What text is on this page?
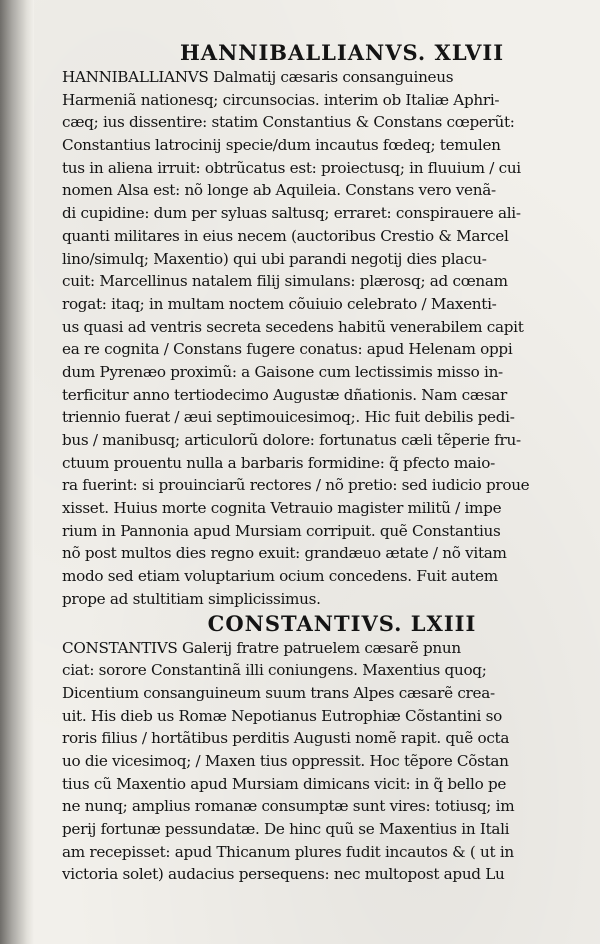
HANNIBALLIANVS. XLVII
HANNIBALLIANVS Dalmatij cæsaris consanguineus
Harmeniã nationesq; circunsocias. interim ob Italiæ Aphri-
cæq; ius dissentire: statim Constantius & Constans cœperũt:
Constantius latrocinij specie/dum incautus fœdeq; temulen
tus in aliena irruit: obtrũcatus est: proiectusq; in fluuium / cui
nomen Alsa est: nõ longe ab Aquileia. Constans vero venã-
di cupidine: dum per syluas saltusq; erraret: conspirauere ali-
quanti militares in eius necem (auctoribus Crestio & Marcel
lino/simulq; Maxentio) qui ubi parandi negotij dies placu-
cuit: Marcellinus natalem filij simulans: plærosq; ad cœnam
rogat: itaq; in multam noctem cõuiuio celebrato / Maxenti-
us quasi ad ventris secreta secedens habitũ venerabilem capit
ea re cognita / Constans fugere conatus: apud Helenam oppi
dum Pyrenæo proximũ: a Gaisone cum lectissimis misso in-
terficitur anno tertiodecimo Augustæ dñationis. Nam cæsar
triennio fuerat / æui septimouicesimoq;. Hic fuit debilis pedi-
bus / manibusq; articulorũ dolore: fortunatus cæli tẽperie fru-
ctuum prouentu nulla a barbaris formidine: q̃ pfecto maio-
ra fuerint: si prouinciarũ rectores / nõ pretio: sed iudicio proue
xisset. Huius morte cognita Vetrauio magister militũ / impe
rium in Pannonia apud Mursiam corripuit. quẽ Constantius
nõ post multos dies regno exuit: grandæuo ætate / nõ vitam
modo sed etiam voluptarium ocium concedens. Fuit autem
prope ad stultitiam simplicissimus.
CONSTANTIVS. LXIII
CONSTANTIVS Galerij fratre patruelem cæsarẽ pnun
ciat: sorore Constantinã illi coniungens. Maxentius quoq;
Dicentium consanguineum suum trans Alpes cæsarẽ crea-
uit. His dieb us Romæ Nepotianus Eutrophiæ Cõstantini so
roris filius / hortãtibus perditis Augusti nomẽ rapit. quẽ octa
uo die vicesimoq; / Maxen tius oppressit. Hoc tẽpore Cõstan
tius cũ Maxentio apud Mursiam dimicans vicit: in q̃ bello pe
ne nunq; amplius romanæ consumptæ sunt vires: totiusq; im
perij fortunæ pessundatæ. De hinc quũ se Maxentius in Itali
am recepisset: apud Thicanum plures fudit incautos & ( ut in
victoria solet) audacius persequens: nec multopost apud Lu
